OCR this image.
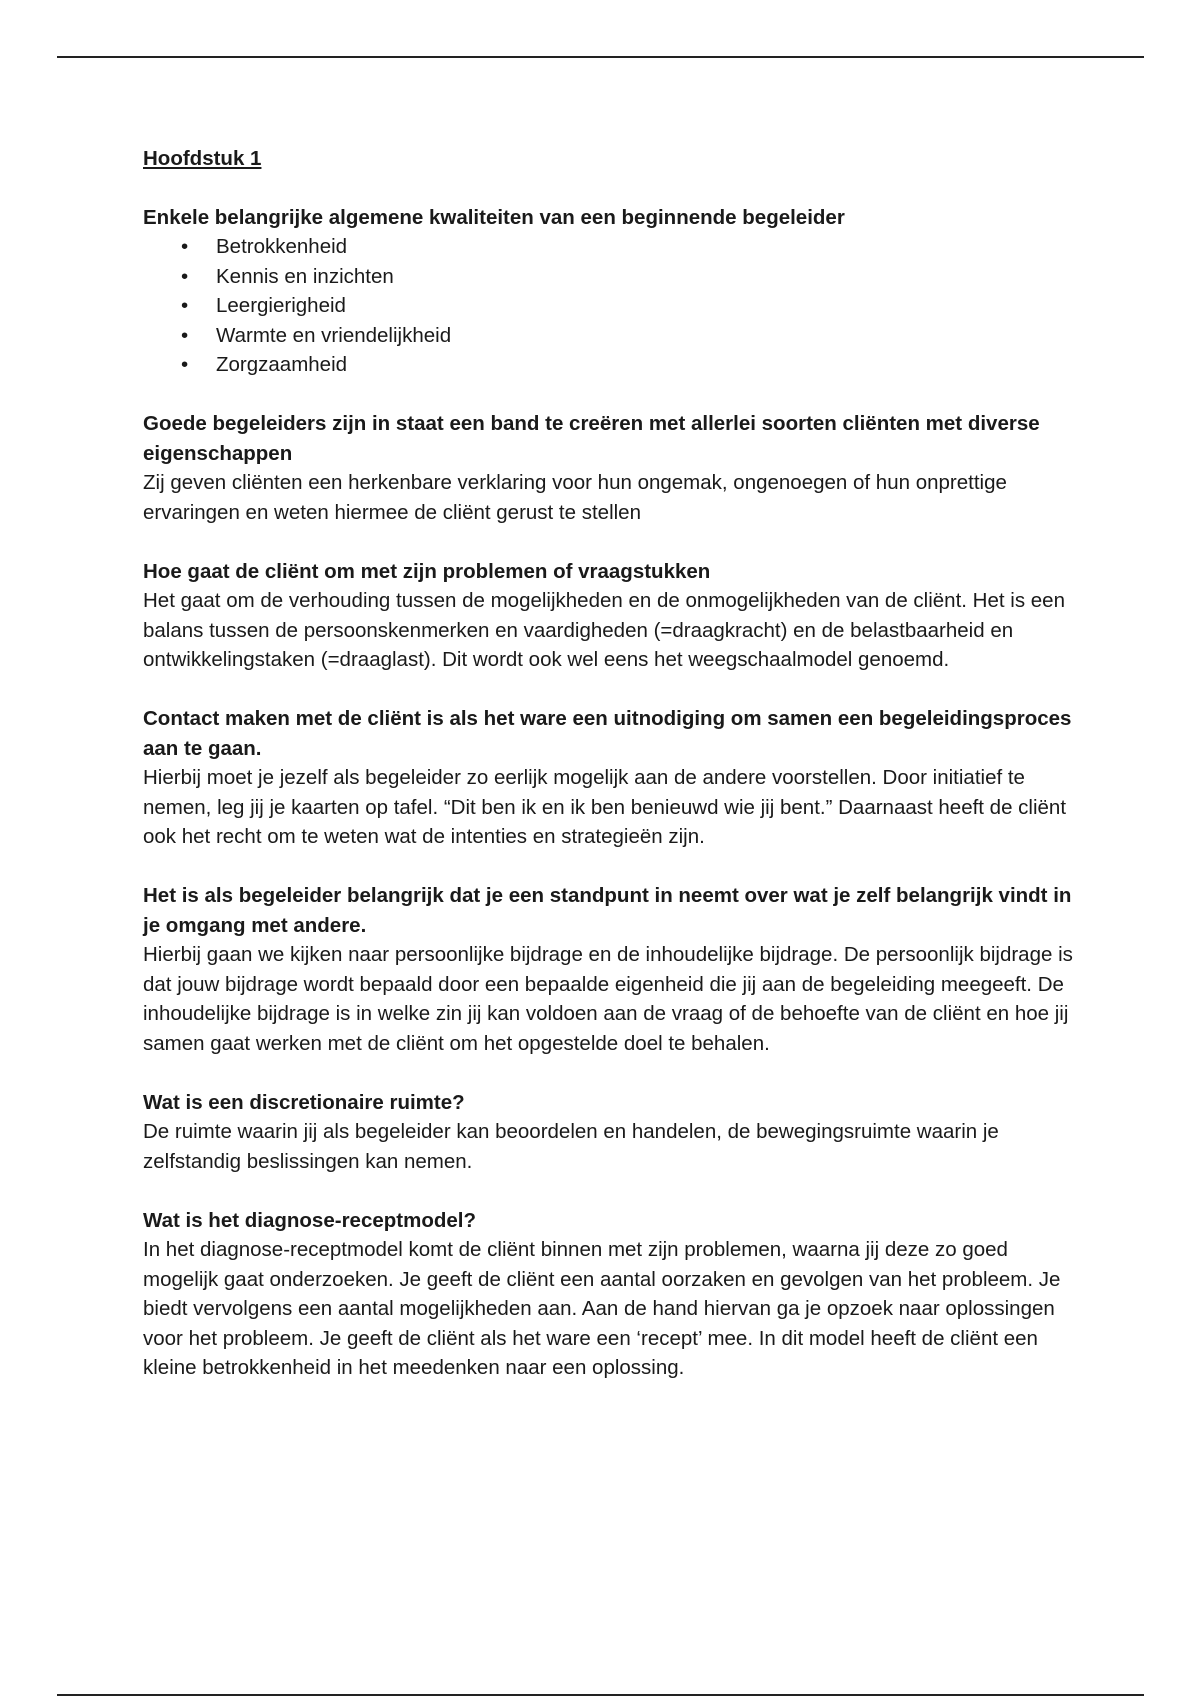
Hoofdstuk 1

Enkele belangrijke algemene kwaliteiten van een beginnende begeleider

• Betrokkenheid
• Kennis en inzichten
• Leergierigheid
• Warmte en vriendelijkheid
• Zorgzaamheid

Goede begeleiders zijn in staat een band te creëren met allerlei soorten cliënten met diverse eigenschappen

Zij geven cliënten een herkenbare verklaring voor hun ongemak, ongenoegen of hun onprettige ervaringen en weten hiermee de cliënt gerust te stellen

Hoe gaat de cliënt om met zijn problemen of vraagstukken

Het gaat om de verhouding tussen de mogelijkheden en de onmogelijkheden van de cliënt. Het is een balans tussen de persoonskenmerken en vaardigheden (=draagkracht) en de belastbaarheid en ontwikkelingstaken (=draaglast). Dit wordt ook wel eens het weegschaalmodel genoemd.

Contact maken met de cliënt is als het ware een uitnodiging om samen een begeleidingsproces aan te gaan.

Hierbij moet je jezelf als begeleider zo eerlijk mogelijk aan de andere voorstellen. Door initiatief te nemen, leg jij je kaarten op tafel. “Dit ben ik en ik ben benieuwd wie jij bent.” Daarnaast heeft de cliënt ook het recht om te weten wat de intenties en strategieën zijn.

Het is als begeleider belangrijk dat je een standpunt in neemt over wat je zelf belangrijk vindt in je omgang met andere.

Hierbij gaan we kijken naar persoonlijke bijdrage en de inhoudelijke bijdrage. De persoonlijk bijdrage is dat jouw bijdrage wordt bepaald door een bepaalde eigenheid die jij aan de begeleiding meegeeft. De inhoudelijke bijdrage is in welke zin jij kan voldoen aan de vraag of de behoefte van de cliënt en hoe jij samen gaat werken met de cliënt om het opgestelde doel te behalen.

Wat is een discretionaire ruimte?

De ruimte waarin jij als begeleider kan beoordelen en handelen, de bewegingsruimte waarin je zelfstandig beslissingen kan nemen.

Wat is het diagnose-receptmodel?

In het diagnose-receptmodel komt de cliënt binnen met zijn problemen, waarna jij deze zo goed mogelijk gaat onderzoeken. Je geeft de cliënt een aantal oorzaken en gevolgen van het probleem. Je biedt vervolgens een aantal mogelijkheden aan. Aan de hand hiervan ga je opzoek naar oplossingen voor het probleem. Je geeft de cliënt als het ware een ‘recept’ mee. In dit model heeft de cliënt een kleine betrokkenheid in het meedenken naar een oplossing.
